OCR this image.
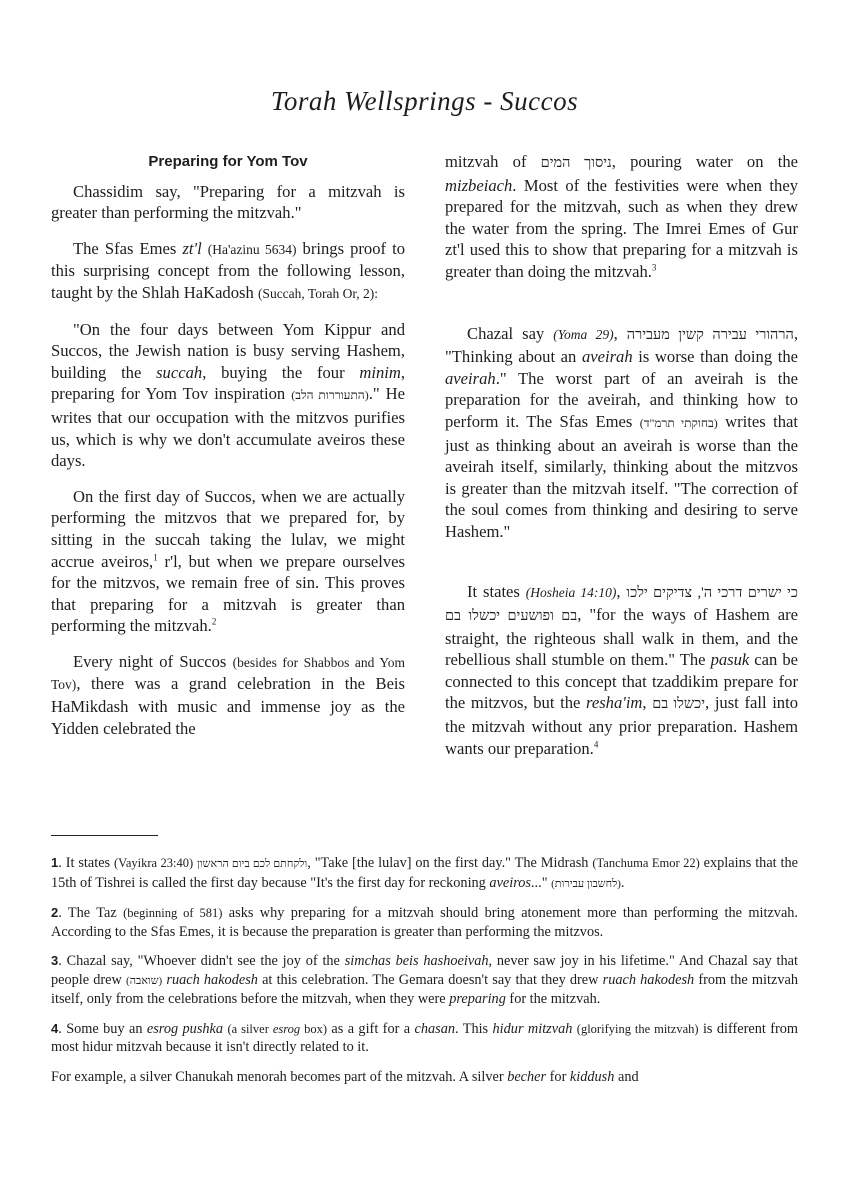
Torah Wellsprings - Succos
Preparing for Yom Tov

Chassidim say, "Preparing for a mitzvah is greater than performing the mitzvah."

The Sfas Emes zt'l (Ha'azinu 5634) brings proof to this surprising concept from the following lesson, taught by the Shlah HaKadosh (Succah, Torah Or, 2):

"On the four days between Yom Kippur and Succos, the Jewish nation is busy serving Hashem, building the succah, buying the four minim, preparing for Yom Tov inspiration (התעוררות הלב)." He writes that our occupation with the mitzvos purifies us, which is why we don't accumulate aveiros these days.

On the first day of Succos, when we are actually performing the mitzvos that we prepared for, by sitting in the succah taking the lulav, we might accrue aveiros,$^1$ r'l, but when we prepare ourselves for the mitzvos, we remain free of sin. This proves that preparing for a mitzvah is greater than performing the mitzvah.$^2$

Every night of Succos (besides for Shabbos and Yom Tov), there was a grand celebration in the Beis HaMikdash with music and immense joy as the Yidden celebrated the

mitzvah of ניסוך המים, pouring water on the mizbeiach. Most of the festivities were when they prepared for the mitzvah, such as when they drew the water from the spring. The Imrei Emes of Gur zt'l used this to show that preparing for a mitzvah is greater than doing the mitzvah.$^3$

Chazal say (Yoma 29), הרהורי עבירה קשין מעבירה, "Thinking about an aveirah is worse than doing the aveirah." The worst part of an aveirah is the preparation for the aveirah, and thinking how to perform it. The Sfas Emes (בחוקתי תרמ"ד) writes that just as thinking about an aveirah is worse than the aveirah itself, similarly, thinking about the mitzvos is greater than the mitzvah itself. "The correction of the soul comes from thinking and desiring to serve Hashem."

It states (Hosheia 14:10), כי ישרים דרכי ה', צדיקים ילכו בם ופושעים יכשלו בם, "for the ways of Hashem are straight, the righteous shall walk in them, and the rebellious shall stumble on them." The pasuk can be connected to this concept that tzaddikim prepare for the mitzvos, but the resha'im, יכשלו בם, just fall into the mitzvah without any prior preparation. Hashem wants our preparation.$^4$

1. It states (Vayikra 23:40) ולקחתם לכם ביום הראשון, "Take [the lulav] on the first day." The Midrash (Tanchuma Emor 22) explains that the 15th of Tishrei is called the first day because "It's the first day for reckoning aveiros..." (לחשבון עבירות).

2. The Taz (beginning of 581) asks why preparing for a mitzvah should bring atonement more than performing the mitzvah. According to the Sfas Emes, it is because the preparation is greater than performing the mitzvos.

3. Chazal say, "Whoever didn't see the joy of the simchas beis hashoeivah, never saw joy in his lifetime." And Chazal say that people drew (שואבה) ruach hakodesh at this celebration. The Gemara doesn't say that they drew ruach hakodesh from the mitzvah itself, only from the celebrations before the mitzvah, when they were preparing for the mitzvah.

4. Some buy an esrog pushka (a silver esrog box) as a gift for a chasan. This hidur mitzvah (glorifying the mitzvah) is different from most hidur mitzvah because it isn't directly related to it.

For example, a silver Chanukah menorah becomes part of the mitzvah. A silver becher for kiddush and
